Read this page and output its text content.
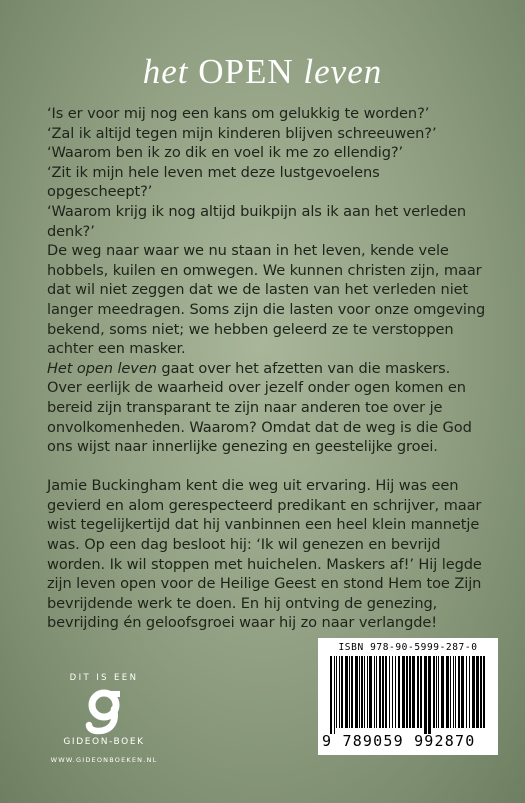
het OPEN leven

‘Is er voor mij nog een kans om gelukkig te worden?’

‘Zal ik altijd tegen mijn kinderen blijven schreeuwen?’

‘Waarom ben ik zo dik en voel ik me zo ellendig?’

‘Zit ik mijn hele leven met deze lustgevoelens opgescheept?’

‘Waarom krijg ik nog altijd buikpijn als ik aan het verleden denk?’

De weg naar waar we nu staan in het leven, kende vele hobbels, kuilen en omwegen. We kunnen christen zijn, maar dat wil niet zeggen dat we de lasten van het verleden niet langer meedragen. Soms zijn die lasten voor onze omgeving bekend, soms niet; we hebben geleerd ze te verstoppen achter een masker.

Het open leven gaat over het afzetten van die maskers. Over eerlijk de waarheid over jezelf onder ogen komen en bereid zijn transparant te zijn naar anderen toe over je onvolkomenheden. Waarom? Omdat dat de weg is die God ons wijst naar innerlijke genezing en geestelijke groei.

Jamie Buckingham kent die weg uit ervaring. Hij was een gevierd en alom gerespecteerd predikant en schrijver, maar wist tegelijkertijd dat hij vanbinnen een heel klein mannetje was. Op een dag besloot hij: ‘Ik wil genezen en bevrijd worden. Ik wil stoppen met huichelen. Maskers af!’ Hij legde zijn leven open voor de Heilige Geest en stond Hem toe Zijn bevrijdende werk te doen. En hij ontving de genezing, bevrijding én geloofsgroei waar hij zo naar verlangde!

DIT IS EEN
GIDEON-BOEK
WWW.GIDEONBOEKEN.NL
ISBN 978-90-5999-287-0
9 789059 992870
